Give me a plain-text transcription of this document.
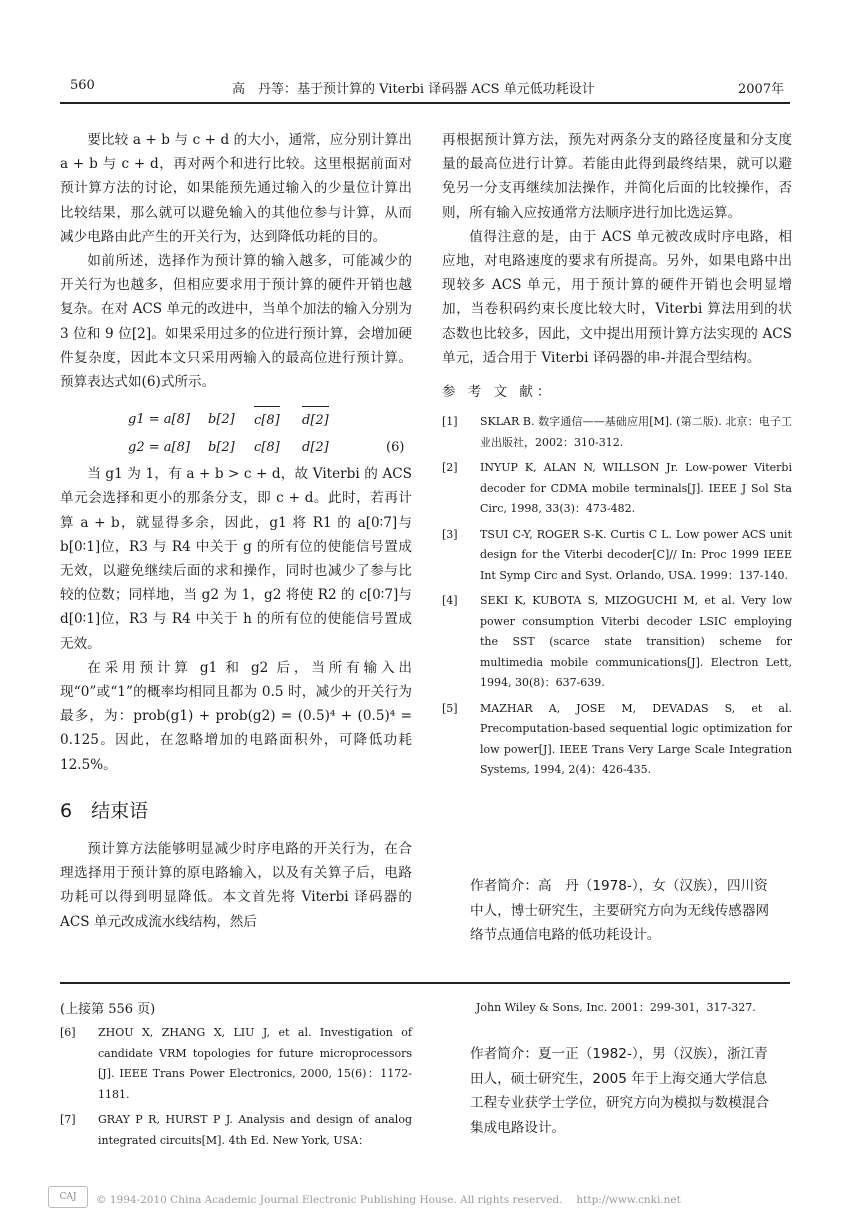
560	高　丹等：基于预计算的 Viterbi 译码器 ACS 单元低功耗设计	2007年

要比较 a + b 与 c + d 的大小，通常，应分别计算出 a + b 与 c + d，再对两个和进行比较。这里根据前面对预计算方法的讨论，如果能预先通过输入的少量位计算出比较结果，那么就可以避免输入的其他位参与计算，从而减少电路由此产生的开关行为，达到降低功耗的目的。

如前所述，选择作为预计算的输入越多，可能减少的开关行为也越多，但相应要求用于预计算的硬件开销也越复杂。在对 ACS 单元的改进中，当单个加法的输入分别为 3 位和 9 位[2]。如果采用过多的位进行预计算，会增加硬件复杂度，因此本文只采用两输入的最高位进行预计算。预算表达式如(6)式所示。

g1 = a[8] b[2] c[8] d[2]
g2 = a[8] b[2] c[8] d[2]	(6)

当 g1 为 1，有 a + b > c + d，故 Viterbi 的 ACS 单元会选择和更小的那条分支，即 c + d。此时，若再计算 a + b，就显得多余，因此，g1 将 R1 的 a[0∶7]与 b[0∶1]位，R3 与 R4 中关于 g 的所有位的使能信号置成无效，以避免继续后面的求和操作，同时也减少了参与比较的位数；同样地，当 g2 为 1，g2 将使 R2 的 c[0∶7]与 d[0∶1]位，R3 与 R4 中关于 h 的所有位的使能信号置成无效。

在采用预计算 g1 和 g2 后，当所有输入出现“0”或“1”的概率均相同且都为 0.5 时，减少的开关行为最多，为：prob(g1) + prob(g2) = (0.5)⁴ + (0.5)⁴ = 0.125。因此，在忽略增加的电路面积外，可降低功耗 12.5%。

6　结束语

预计算方法能够明显减少时序电路的开关行为，在合理选择用于预计算的原电路输入，以及有关算子后，电路功耗可以得到明显降低。本文首先将 Viterbi 译码器的 ACS 单元改成流水线结构，然后

再根据预计算方法，预先对两条分支的路径度量和分支度量的最高位进行计算。若能由此得到最终结果，就可以避免另一分支再继续加法操作，并简化后面的比较操作，否则，所有输入应按通常方法顺序进行加比选运算。

值得注意的是，由于 ACS 单元被改成时序电路，相应地，对电路速度的要求有所提高。另外，如果电路中出现较多 ACS 单元，用于预计算的硬件开销也会明显增加，当卷积码约束长度比较大时，Viterbi 算法用到的状态数也比较多，因此，文中提出用预计算方法实现的 ACS 单元，适合用于 Viterbi 译码器的串-并混合型结构。

参 考 文 献：
[1]	SKLAR B. 数字通信——基础应用[M]. (第二版). 北京：电子工业出版社，2002：310-312.
[2]	INYUP K, ALAN N, WILLSON Jr. Low-power Viterbi decoder for CDMA mobile terminals[J]. IEEE J Sol Sta Circ, 1998, 33(3)：473-482.
[3]	TSUI C-Y, ROGER S-K. Curtis C L. Low power ACS unit design for the Viterbi decoder[C]// In: Proc 1999 IEEE Int Symp Circ and Syst. Orlando, USA. 1999：137-140.
[4]	SEKI K, KUBOTA S, MIZOGUCHI M, et al. Very low power consumption Viterbi decoder LSIC employing the SST (scarce state transition) scheme for multimedia mobile communications[J]. Electron Lett, 1994, 30(8)：637-639.
[5]	MAZHAR A, JOSE M, DEVADAS S, et al. Precomputation-based sequential logic optimization for low power[J]. IEEE Trans Very Large Scale Integration Systems, 1994, 2(4)：426-435.
作者简介：高　丹（1978-），女（汉族），四川资中人，博士研究生，主要研究方向为无线传感器网络节点通信电路的低功耗设计。
(上接第 556 页)
[6]	ZHOU X, ZHANG X, LIU J, et al. Investigation of candidate VRM topologies for future microprocessors [J]. IEEE Trans Power Electronics, 2000, 15(6)：1172-1181.
[7]	GRAY P R, HURST P J. Analysis and design of analog integrated circuits[M]. 4th Ed. New York, USA：
John Wiley & Sons, Inc. 2001：299-301，317-327.
作者简介：夏一正（1982-），男（汉族），浙江青田人，硕士研究生，2005 年于上海交通大学信息工程专业获学士学位，研究方向为模拟与数模混合集成电路设计。
CAJ	© 1994-2010 China Academic Journal Electronic Publishing House. All rights reserved.　 http://www.cnki.net
